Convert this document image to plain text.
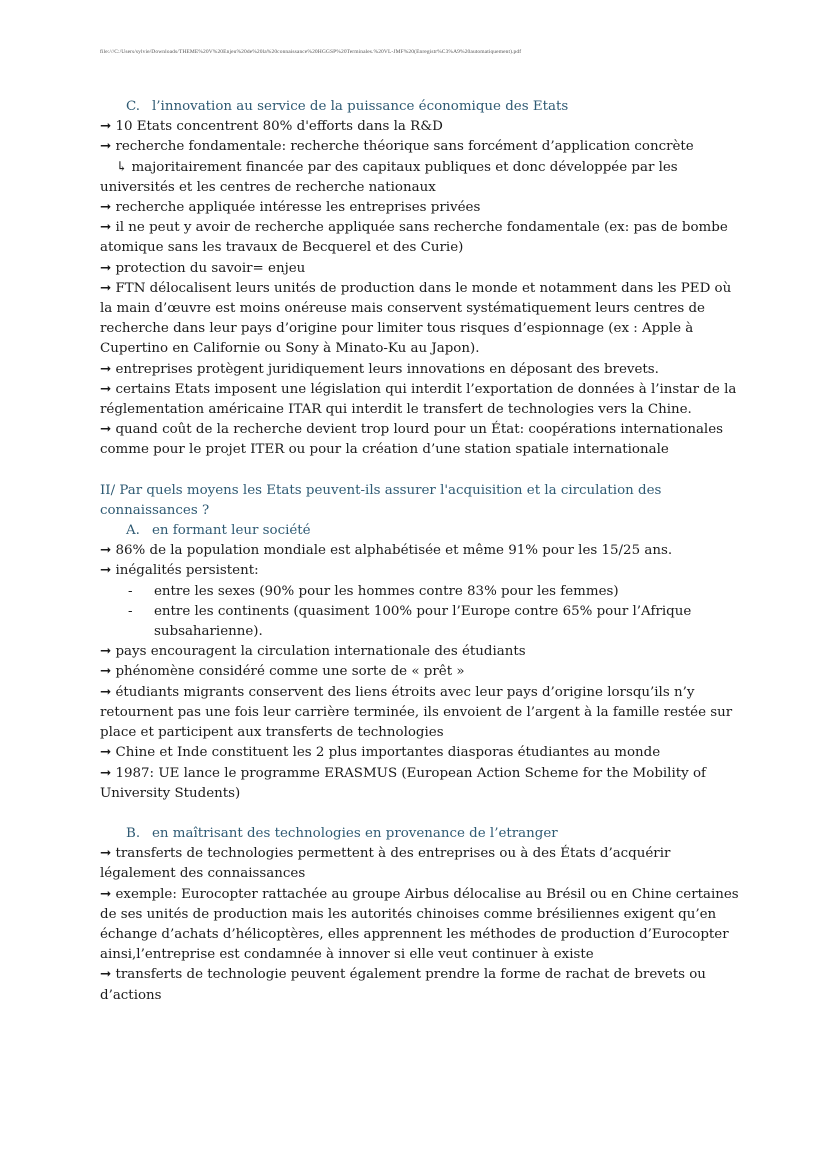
file:///C:/Users/sylvie/Downloads/THEME%20V%20Enjeu%20de%20la%20connaissance%20HGGSP%20Terminales.%20VL-JMF%20(Enregistr%C3%A9%20automatiquement).pdf

C. l’innovation au service de la puissance économique des Etats

➞ 10 Etats concentrent 80% d'efforts dans la R&D

➞ recherche fondamentale: recherche théorique sans forcément d’application concrète

↳ majoritairement financée par des capitaux publiques et donc développée par les universités et les centres de recherche nationaux

➞ recherche appliquée intéresse les entreprises privées

➞ il ne peut y avoir de recherche appliquée sans recherche fondamentale (ex: pas de bombe atomique sans les travaux de Becquerel et des Curie)

➞ protection du savoir= enjeu

➞ FTN délocalisent leurs unités de production dans le monde et notamment dans les PED où la main d’œuvre est moins onéreuse mais conservent systématiquement leurs centres de recherche dans leur pays d’origine pour limiter tous risques d’espionnage (ex : Apple à Cupertino en Californie ou Sony à Minato-Ku au Japon).

➞ entreprises protègent juridiquement leurs innovations en déposant des brevets.

➞ certains Etats imposent une législation qui interdit l’exportation de données à l’instar de la réglementation américaine ITAR qui interdit le transfert de technologies vers la Chine.

➞ quand coût de la recherche devient trop lourd pour un État: coopérations internationales comme pour le projet ITER ou pour la création d’une station spatiale internationale

II/ Par quels moyens les Etats peuvent-ils assurer l'acquisition et la circulation des connaissances ?

A. en formant leur société

➞ 86% de la population mondiale est alphabétisée et même 91% pour les 15/25 ans.

➞ inégalités persistent:

-	entre les sexes (90% pour les hommes contre 83% pour les femmes)
-	entre les continents (quasiment 100% pour l’Europe contre 65% pour l’Afrique subsaharienne).

➞ pays encouragent la circulation internationale des étudiants

➞ phénomène considéré comme une sorte de « prêt »

➞ étudiants migrants conservent des liens étroits avec leur pays d’origine lorsqu’ils n’y retournent pas une fois leur carrière terminée, ils envoient de l’argent à la famille restée sur place et participent aux transferts de technologies

➞ Chine et Inde constituent les 2 plus importantes diasporas étudiantes au monde

➞ 1987: UE lance le programme ERASMUS (European Action Scheme for the Mobility of University Students)

B. en maîtrisant des technologies en provenance de l’etranger

➞ transferts de technologies permettent à des entreprises ou à des États d’acquérir légalement des connaissances

➞ exemple: Eurocopter rattachée au groupe Airbus délocalise au Brésil ou en Chine certaines de ses unités de production mais les autorités chinoises comme brésiliennes exigent qu’en échange d’achats d’hélicoptères, elles apprennent les méthodes de production d’Eurocopter ainsi,l’entreprise est condamnée à innover si elle veut continuer à existe

➞ transferts de technologie peuvent également prendre la forme de rachat de brevets ou d’actions
